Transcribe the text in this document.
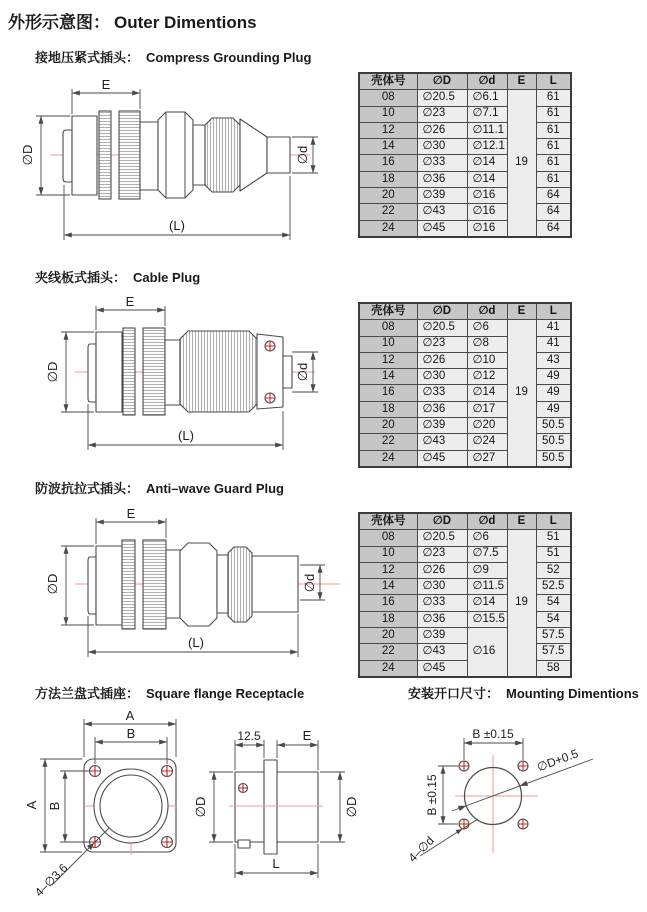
外形示意图： Outer Dimentions
接地压紧式插头： Compress Grounding Plug
夹线板式插头： Cable Plug
防波抗拉式插头： Anti–wave Guard Plug
方法兰盘式插座： Square flange Receptacle	安装开口尺寸： Mounting Dimentions
壳体号	∅D	∅d	E	L
08	∅20.5	∅6.1	19	61
10	∅23	∅7.1		61
12	∅26	∅11.1		61
14	∅30	∅12.1		61
16	∅33	∅14		61
18	∅36	∅14		61
20	∅39	∅16		64
22	∅43	∅16		64
24	∅45	∅16		64
壳体号	∅D	∅d	E	L
08	∅20.5	∅6	19	41
10	∅23	∅8		41
12	∅26	∅10		43
14	∅30	∅12		49
16	∅33	∅14		49
18	∅36	∅17		49
20	∅39	∅20		50.5
22	∅43	∅24		50.5
24	∅45	∅27		50.5
壳体号	∅D	∅d	E	L
08	∅20.5	∅6	19	51
10	∅23	∅7.5		51
12	∅26	∅9		52
14	∅30	∅11.5		52.5
16	∅33	∅14		54
18	∅36	∅15.5		54
20	∅39	∅16		57.5
22	∅43			57.5
24	∅45			58
∅D
E
∅d
(L)
∅D
E
∅d
(L)
∅D
E
∅d
(L)
A
B
A B
4–∅3.6
12.5	E
∅D	∅D
L
B ±0.15
B ±0.15
∅D+0.5
4–∅d
